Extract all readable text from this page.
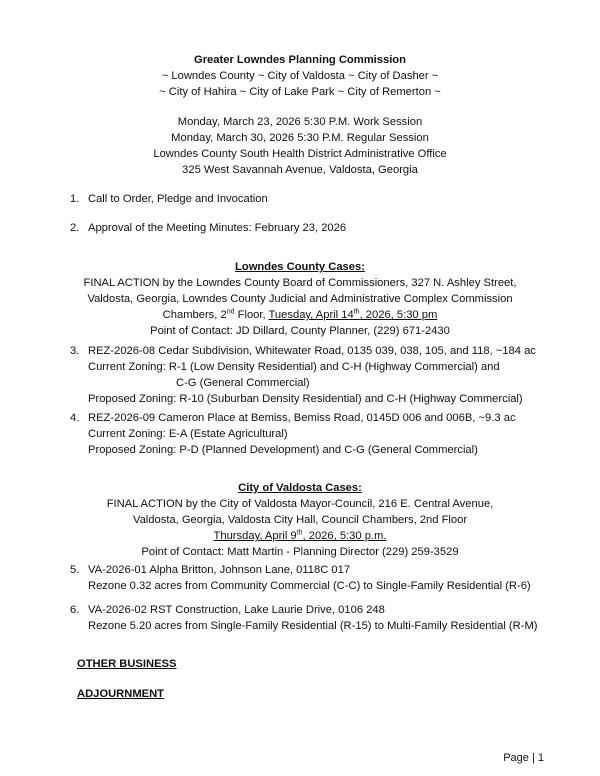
Greater Lowndes Planning Commission
~ Lowndes County ~ City of Valdosta ~ City of Dasher ~
~ City of Hahira ~ City of Lake Park ~ City of Remerton ~
Monday, March 23, 2026 5:30 P.M. Work Session
Monday, March 30, 2026 5:30 P.M. Regular Session
Lowndes County South Health District Administrative Office
325 West Savannah Avenue, Valdosta, Georgia
1. Call to Order, Pledge and Invocation
2. Approval of the Meeting Minutes: February 23, 2026
Lowndes County Cases:
FINAL ACTION by the Lowndes County Board of Commissioners, 327 N. Ashley Street,
Valdosta, Georgia, Lowndes County Judicial and Administrative Complex Commission
Chambers, 2nd Floor, Tuesday, April 14th, 2026, 5:30 pm
Point of Contact: JD Dillard, County Planner, (229) 671-2430
3. REZ-2026-08 Cedar Subdivision, Whitewater Road, 0135 039, 038, 105, and 118, ~184 ac
Current Zoning: R-1 (Low Density Residential) and C-H (Highway Commercial) and
C-G (General Commercial)
Proposed Zoning: R-10 (Suburban Density Residential) and C-H (Highway Commercial)
4. REZ-2026-09 Cameron Place at Bemiss, Bemiss Road, 0145D 006 and 006B, ~9.3 ac
Current Zoning: E-A (Estate Agricultural)
Proposed Zoning: P-D (Planned Development) and C-G (General Commercial)
City of Valdosta Cases:
FINAL ACTION by the City of Valdosta Mayor-Council, 216 E. Central Avenue,
Valdosta, Georgia, Valdosta City Hall, Council Chambers, 2nd Floor
Thursday, April 9th, 2026, 5:30 p.m.
Point of Contact: Matt Martin - Planning Director (229) 259-3529
5. VA-2026-01 Alpha Britton, Johnson Lane, 0118C 017
Rezone 0.32 acres from Community Commercial (C-C) to Single-Family Residential (R-6)
6. VA-2026-02 RST Construction, Lake Laurie Drive, 0106 248
Rezone 5.20 acres from Single-Family Residential (R-15) to Multi-Family Residential (R-M)
OTHER BUSINESS
ADJOURNMENT
Page | 1
